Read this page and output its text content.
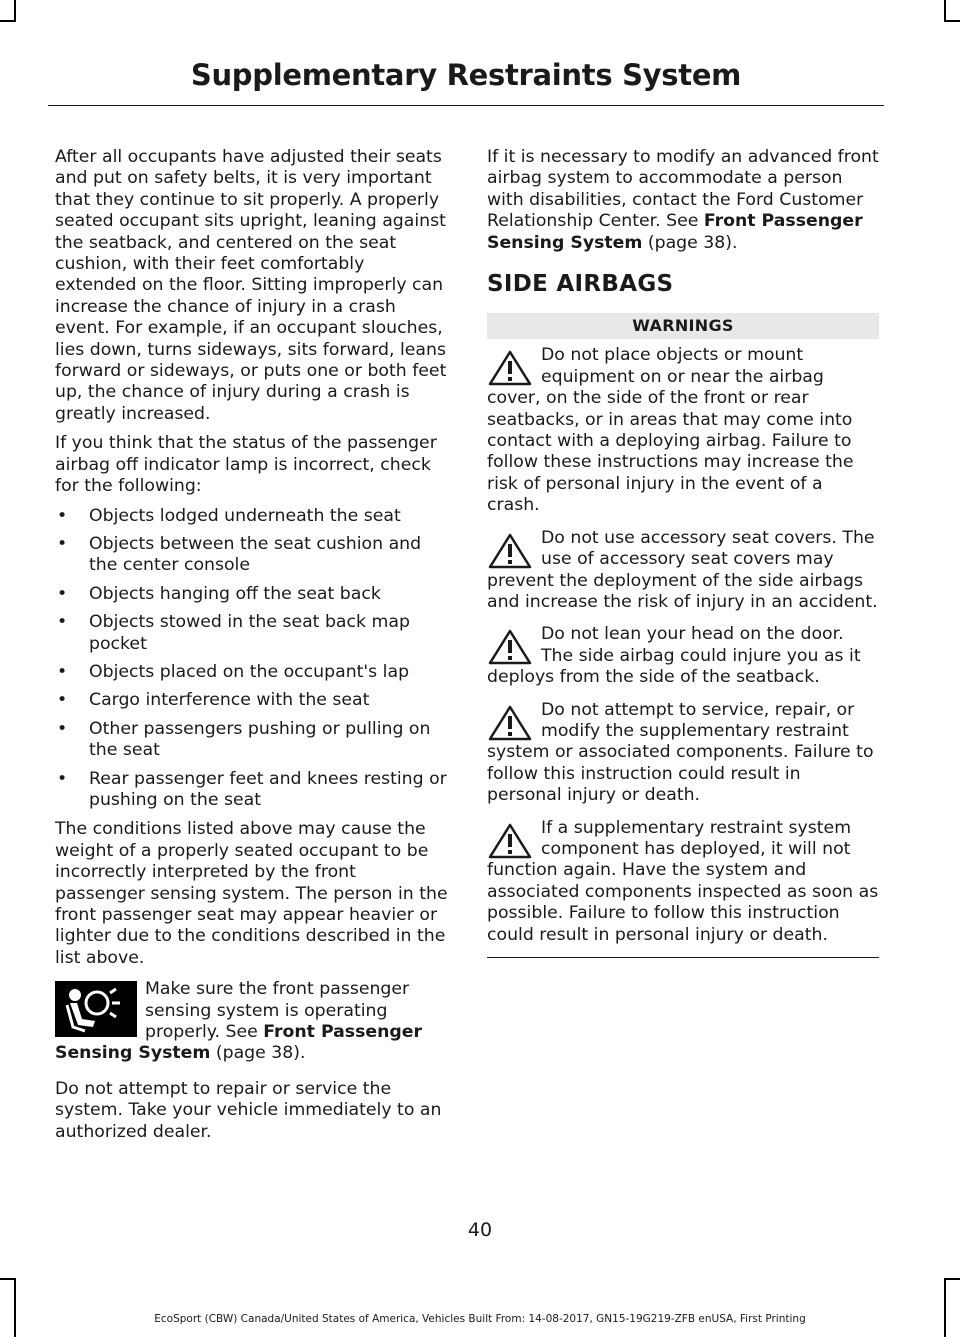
Supplementary Restraints System

After all occupants have adjusted their seats and put on safety belts, it is very important that they continue to sit properly. A properly seated occupant sits upright, leaning against the seatback, and centered on the seat cushion, with their feet comfortably extended on the floor. Sitting improperly can increase the chance of injury in a crash event. For example, if an occupant slouches, lies down, turns sideways, sits forward, leans forward or sideways, or puts one or both feet up, the chance of injury during a crash is greatly increased.

If you think that the status of the passenger airbag off indicator lamp is incorrect, check for the following:

• Objects lodged underneath the seat
• Objects between the seat cushion and the center console
• Objects hanging off the seat back
• Objects stowed in the seat back map pocket
• Objects placed on the occupant's lap
• Cargo interference with the seat
• Other passengers pushing or pulling on the seat
• Rear passenger feet and knees resting or pushing on the seat

The conditions listed above may cause the weight of a properly seated occupant to be incorrectly interpreted by the front passenger sensing system. The person in the front passenger seat may appear heavier or lighter due to the conditions described in the list above.

Make sure the front passenger sensing system is operating properly. See Front Passenger Sensing System (page 38).

Do not attempt to repair or service the system. Take your vehicle immediately to an authorized dealer.

If it is necessary to modify an advanced front airbag system to accommodate a person with disabilities, contact the Ford Customer Relationship Center. See Front Passenger Sensing System (page 38).

SIDE AIRBAGS
WARNINGS
Do not place objects or mount equipment on or near the airbag cover, on the side of the front or rear seatbacks, or in areas that may come into contact with a deploying airbag. Failure to follow these instructions may increase the risk of personal injury in the event of a crash.
Do not use accessory seat covers. The use of accessory seat covers may prevent the deployment of the side airbags and increase the risk of injury in an accident.
Do not lean your head on the door. The side airbag could injure you as it deploys from the side of the seatback.
Do not attempt to service, repair, or modify the supplementary restraint system or associated components. Failure to follow this instruction could result in personal injury or death.
If a supplementary restraint system component has deployed, it will not function again. Have the system and associated components inspected as soon as possible. Failure to follow this instruction could result in personal injury or death.
40
EcoSport (CBW) Canada/United States of America, Vehicles Built From: 14-08-2017, GN15-19G219-ZFB enUSA, First Printing
